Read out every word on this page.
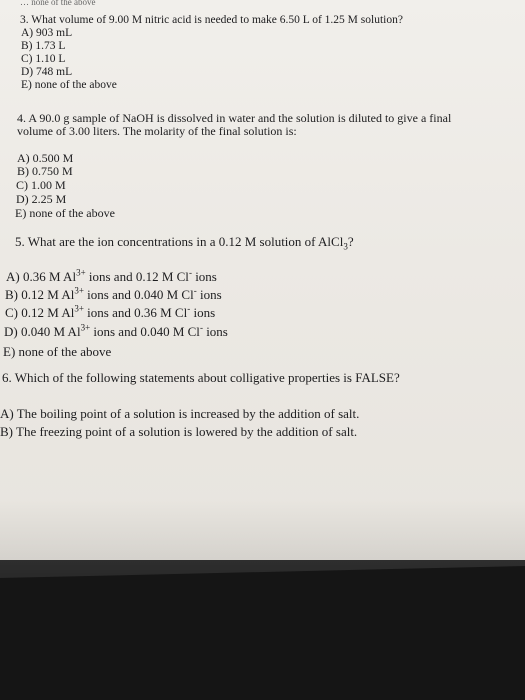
… none of the above
3. What volume of 9.00 M nitric acid is needed to make 6.50 L of 1.25 M solution?
A) 903 mL
B) 1.73 L
C) 1.10 L
D) 748 mL
E) none of the above
4. A 90.0 g sample of NaOH is dissolved in water and the solution is diluted to give a final
volume of 3.00 liters. The molarity of the final solution is:
A) 0.500 M
B) 0.750 M
C) 1.00 M
D) 2.25 M
E) none of the above
5. What are the ion concentrations in a 0.12 M solution of AlCl$_3$?
A) 0.36 M $Al^{3+}$ ions and 0.12 M Cl- ions
B) 0.12 M $Al^{3+}$ ions and 0.040 M Cl- ions
C) 0.12 M $Al^{3+}$ ions and 0.36 M Cl- ions
D) 0.040 M $Al^{3+}$ ions and 0.040 M Cl- ions
E) none of the above
6. Which of the following statements about colligative properties is FALSE?
A) The boiling point of a solution is increased by the addition of salt.
B) The freezing point of a solution is lowered by the addition of salt.
